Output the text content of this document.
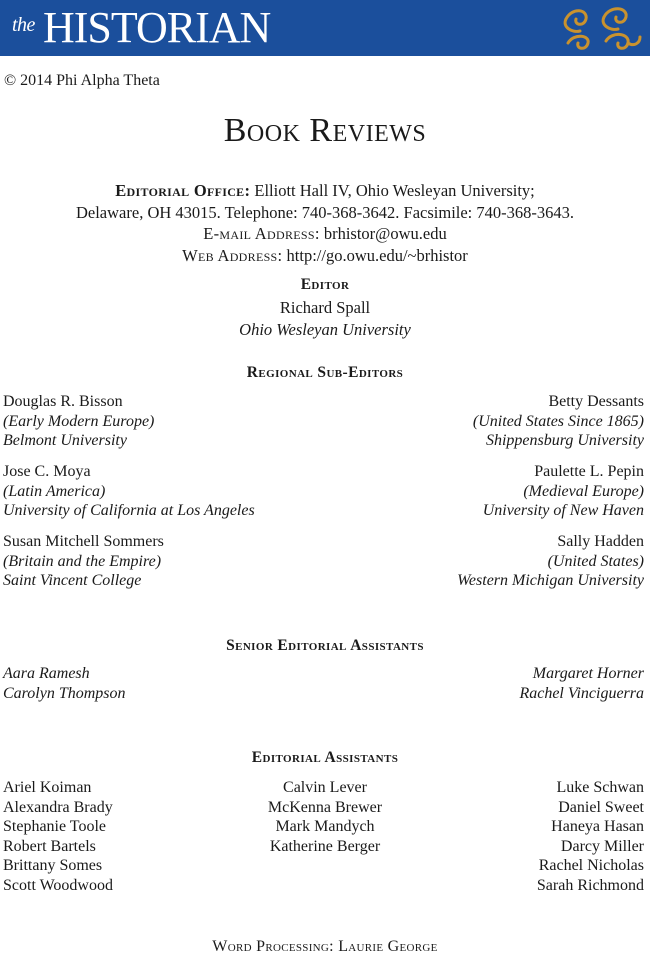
the HISTORIAN
© 2014 Phi Alpha Theta
Book Reviews
Editorial Office: Elliott Hall IV, Ohio Wesleyan University;
Delaware, OH 43015. Telephone: 740-368-3642. Facsimile: 740-368-3643.
E-mail Address: brhistor@owu.edu
Web Address: http://go.owu.edu/~brhistor
Editor
Richard Spall
Ohio Wesleyan University
Regional Sub-Editors
Douglas R. Bisson
(Early Modern Europe)
Belmont University
Jose C. Moya
(Latin America)
University of California at Los Angeles
Susan Mitchell Sommers
(Britain and the Empire)
Saint Vincent College
Betty Dessants
(United States Since 1865)
Shippensburg University
Paulette L. Pepin
(Medieval Europe)
University of New Haven
Sally Hadden
(United States)
Western Michigan University
Senior Editorial Assistants
Aara Ramesh
Carolyn Thompson
Margaret Horner
Rachel Vinciguerra
Editorial Assistants
Ariel Koiman
Alexandra Brady
Stephanie Toole
Robert Bartels
Brittany Somes
Scott Woodwood
Calvin Lever
McKenna Brewer
Mark Mandych
Katherine Berger
Luke Schwan
Daniel Sweet
Haneya Hasan
Darcy Miller
Rachel Nicholas
Sarah Richmond
Word Processing: Laurie George
